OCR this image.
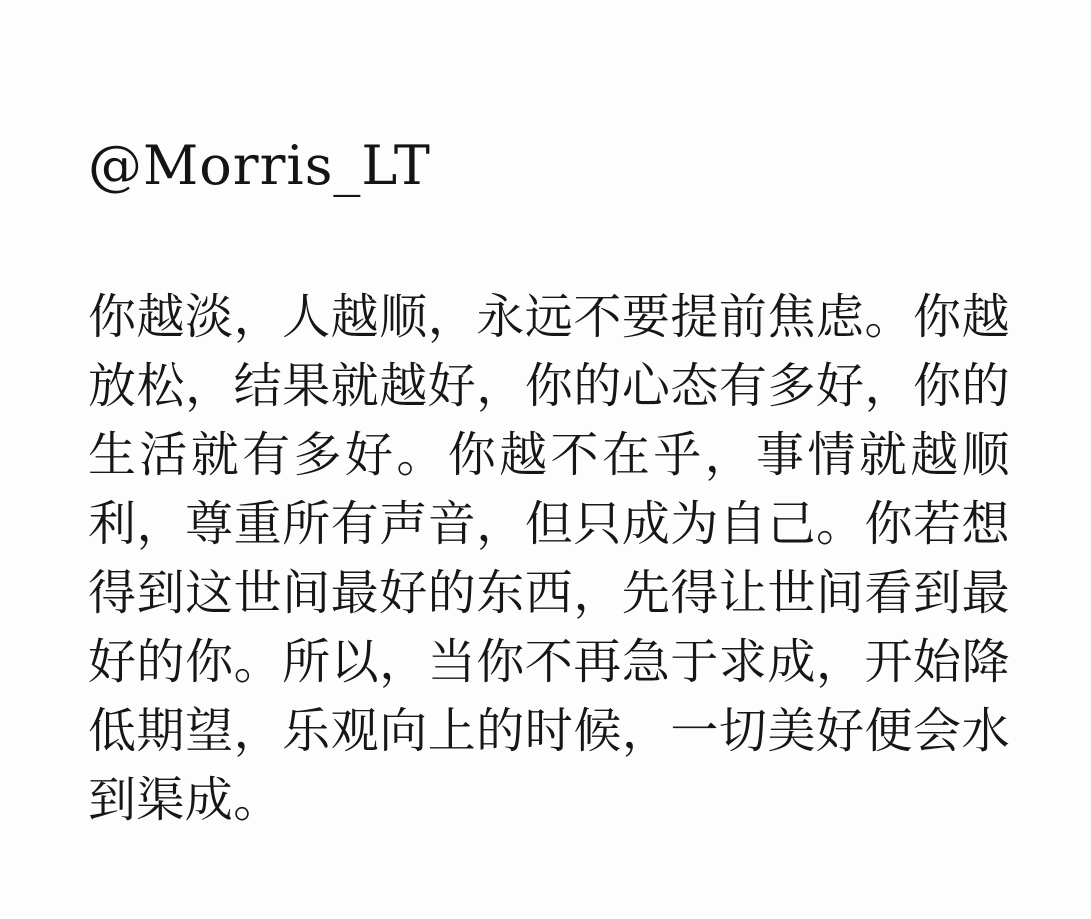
@Morris_LT
你越淡，人越顺，永远不要提前焦虑。你越
放松，结果就越好，你的心态有多好，你的
生活就有多好。你越不在乎，事情就越顺
利，尊重所有声音，但只成为自己。你若想
得到这世间最好的东西，先得让世间看到最
好的你。所以，当你不再急于求成，开始降
低期望，乐观向上的时候，一切美好便会水
到渠成。
